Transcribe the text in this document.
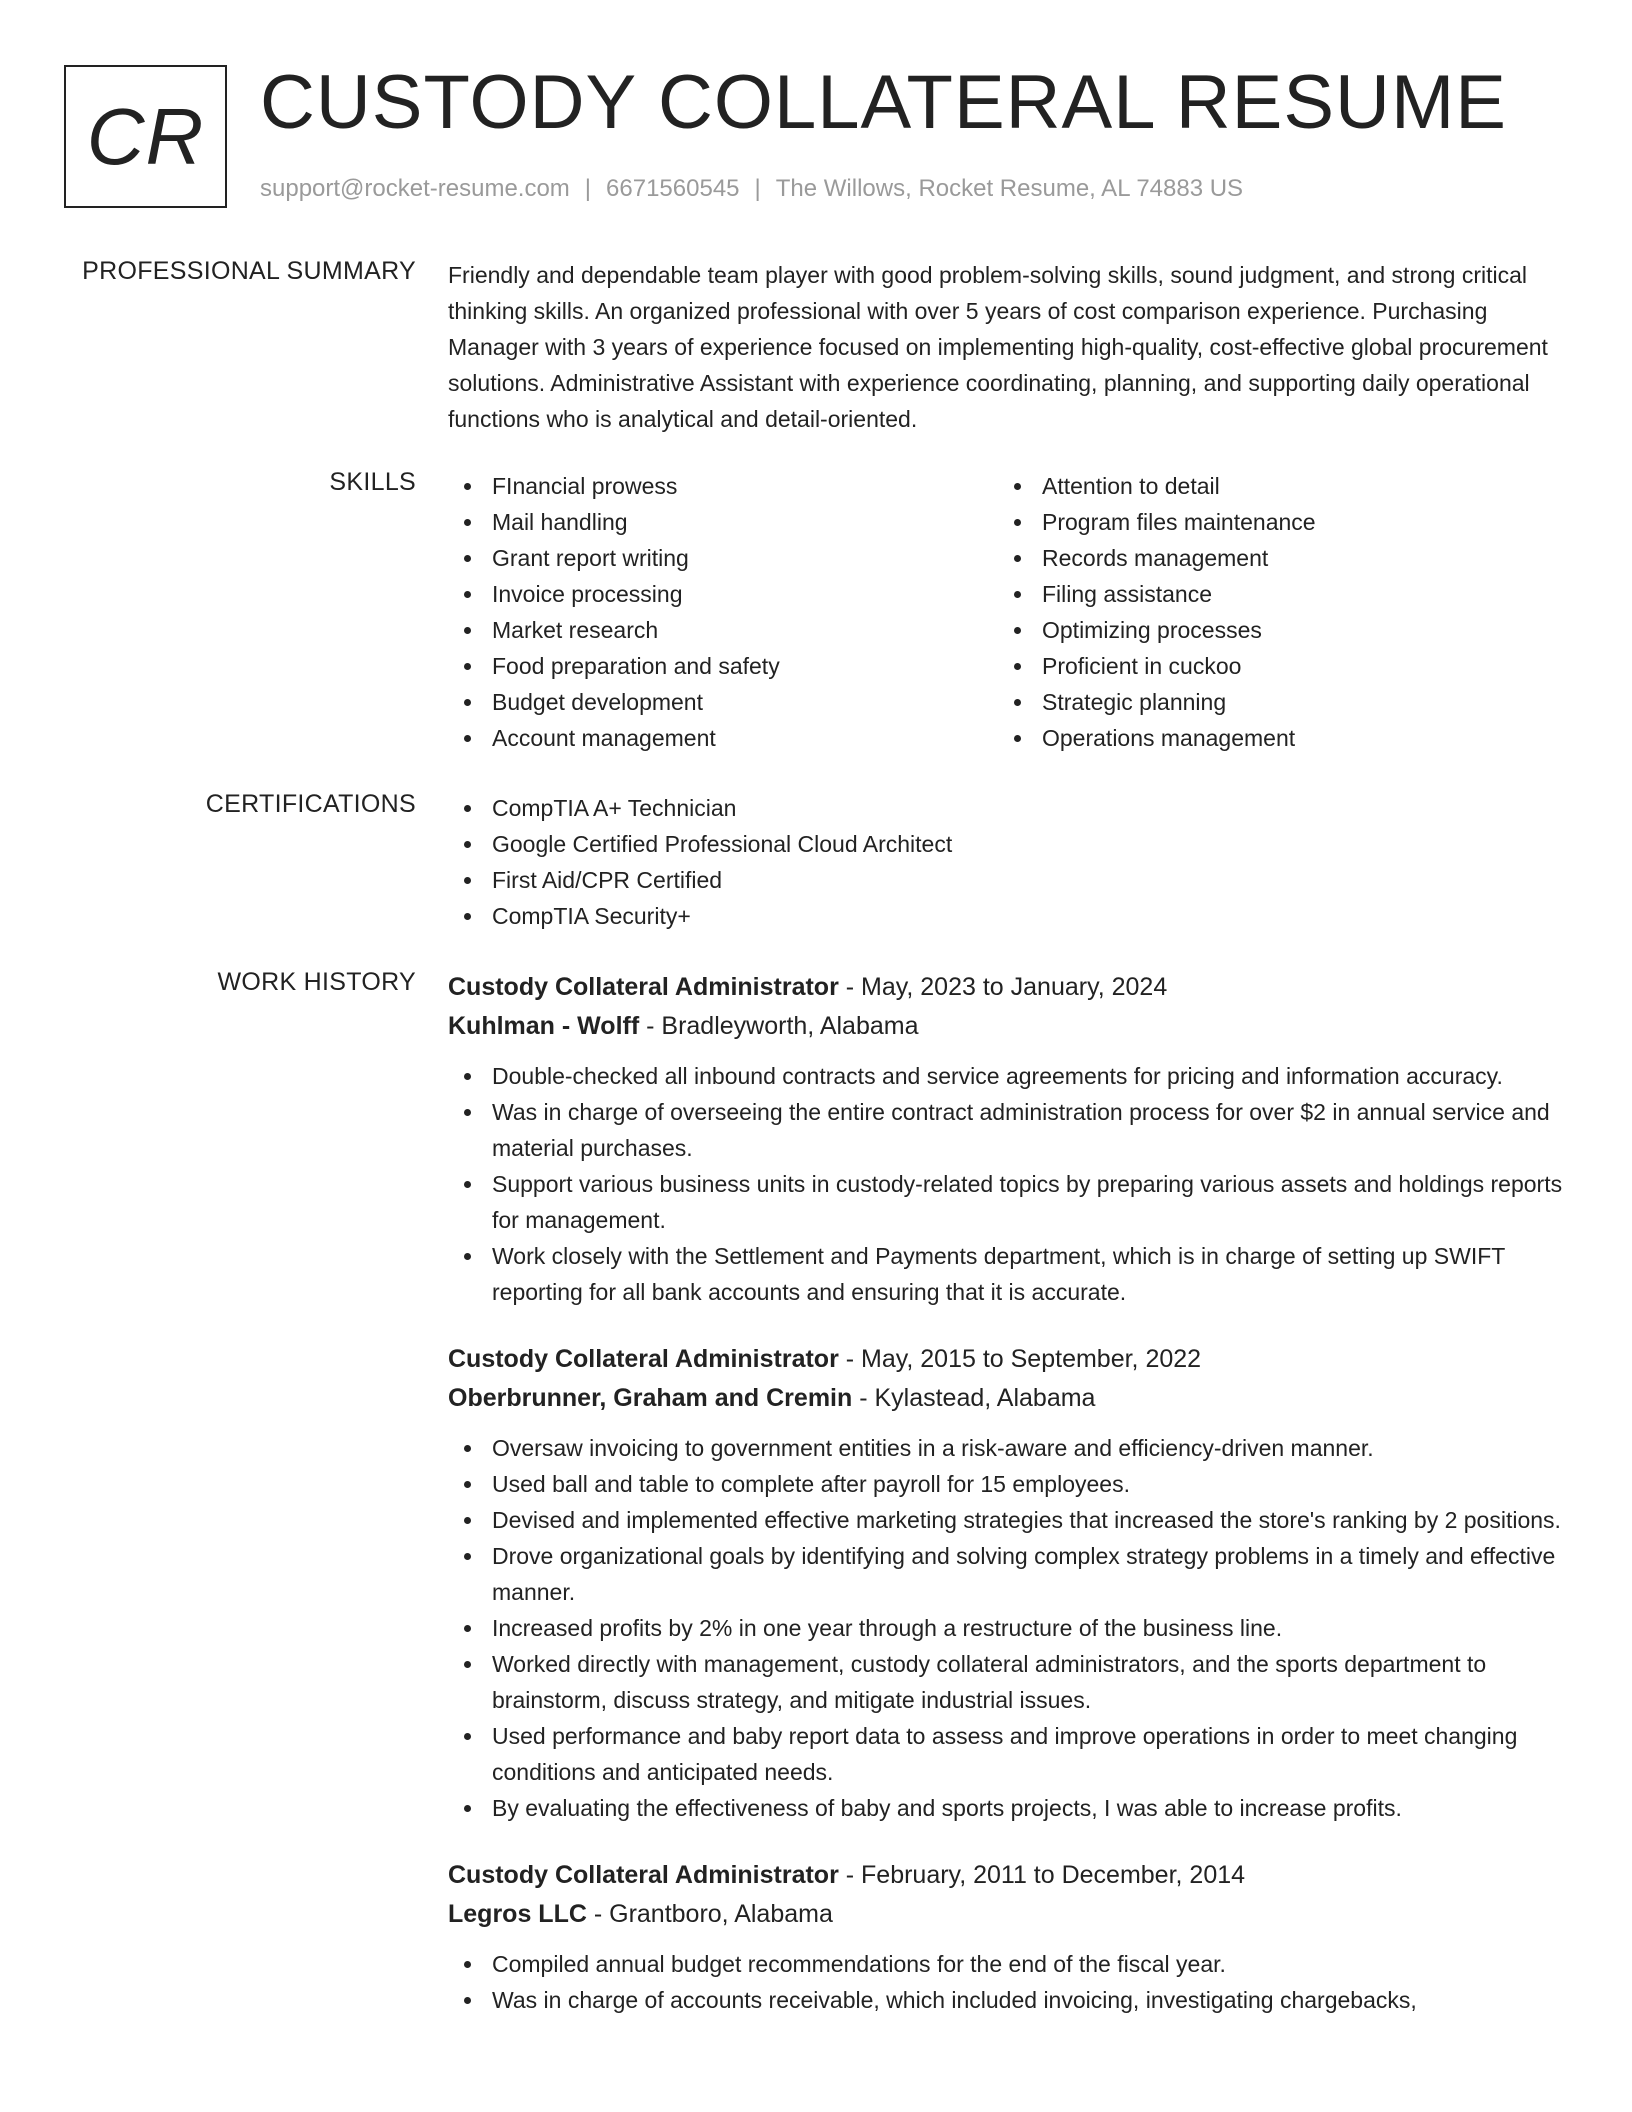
CR CUSTODY COLLATERAL RESUME
support@rocket-resume.com | 6671560545 | The Willows, Rocket Resume, AL 74883 US
PROFESSIONAL SUMMARY Friendly and dependable team player with good problem-solving skills, sound judgment, and strong critical thinking skills. An organized professional with over 5 years of cost comparison experience. Purchasing Manager with 3 years of experience focused on implementing high-quality, cost-effective global procurement solutions. Administrative Assistant with experience coordinating, planning, and supporting daily operational functions who is analytical and detail-oriented.
SKILLS	FInancial prowess
Mail handling
Grant report writing
Invoice processing
Market research
Food preparation and safety
Budget development
Account management
Attention to detail
Program files maintenance
Records management
Filing assistance
Optimizing processes
Proficient in cuckoo
Strategic planning
Operations management
CERTIFICATIONS	CompTIA A+ Technician
Google Certified Professional Cloud Architect
First Aid/CPR Certified
CompTIA Security+
WORK HISTORY Custody Collateral Administrator - May, 2023 to January, 2024
Kuhlman - Wolff - Bradleyworth, Alabama
Double-checked all inbound contracts and service agreements for pricing and information accuracy.
Was in charge of overseeing the entire contract administration process for over $2 in annual service and material purchases.
Support various business units in custody-related topics by preparing various assets and holdings reports for management.
Work closely with the Settlement and Payments department, which is in charge of setting up SWIFT reporting for all bank accounts and ensuring that it is accurate.
Custody Collateral Administrator - May, 2015 to September, 2022
Oberbrunner, Graham and Cremin - Kylastead, Alabama
Oversaw invoicing to government entities in a risk-aware and efficiency-driven manner.
Used ball and table to complete after payroll for 15 employees.
Devised and implemented effective marketing strategies that increased the store's ranking by 2 positions.
Drove organizational goals by identifying and solving complex strategy problems in a timely and effective manner.
Increased profits by 2% in one year through a restructure of the business line.
Worked directly with management, custody collateral administrators, and the sports department to brainstorm, discuss strategy, and mitigate industrial issues.
Used performance and baby report data to assess and improve operations in order to meet changing conditions and anticipated needs.
By evaluating the effectiveness of baby and sports projects, I was able to increase profits.
Custody Collateral Administrator - February, 2011 to December, 2014
Legros LLC - Grantboro, Alabama
Compiled annual budget recommendations for the end of the fiscal year.
Was in charge of accounts receivable, which included invoicing, investigating chargebacks,
